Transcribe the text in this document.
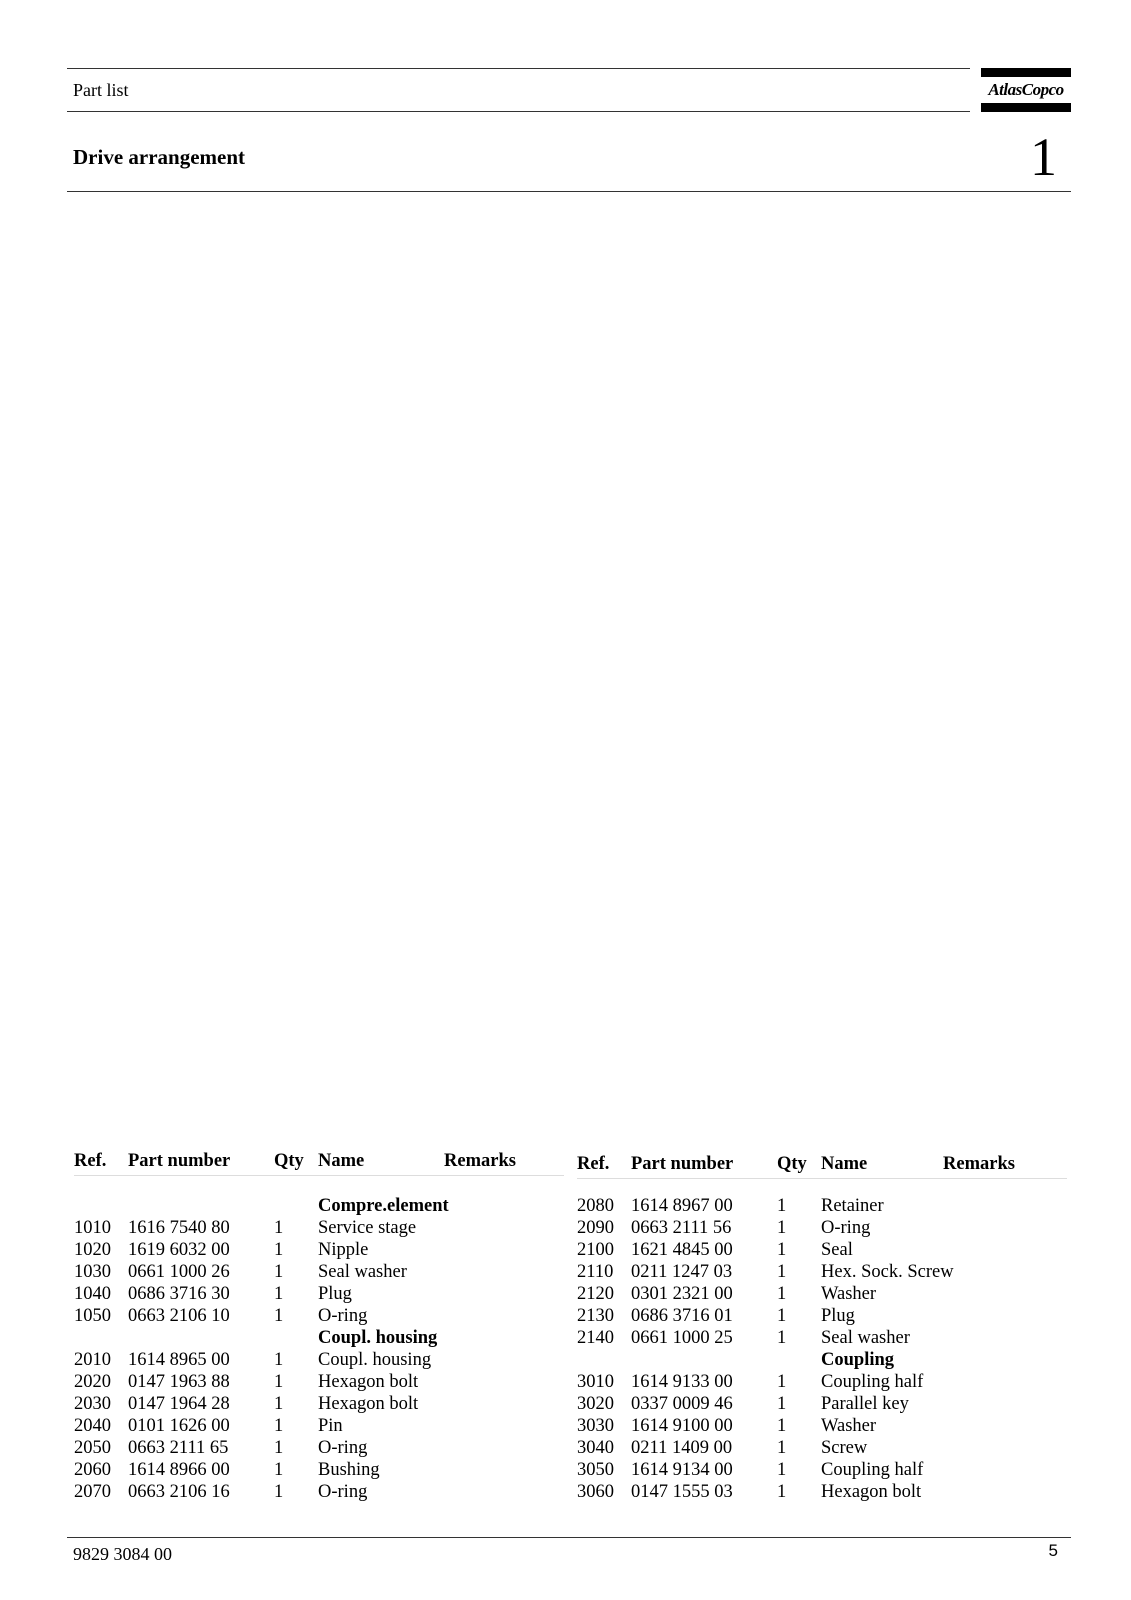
Part list	AtlasCopco
Drive arrangement	1
Ref. Part number Qty Name	Remarks
Compre.element
1010 1616 7540 80 1 Service stage
1020 1619 6032 00 1 Nipple
1030 0661 1000 26 1 Seal washer
1040 0686 3716 30 1 Plug
1050 0663 2106 10 1 O-ring
Coupl. housing
2010 1614 8965 00 1 Coupl. housing
2020 0147 1963 88 1 Hexagon bolt
2030 0147 1964 28 1 Hexagon bolt
2040 0101 1626 00 1 Pin
2050 0663 2111 65 1 O-ring
2060 1614 8966 00 1 Bushing
2070 0663 2106 16 1 O-ring
Ref. Part number Qty Name	Remarks
2080 1614 8967 00 1 Retainer
2090 0663 2111 56 1 O-ring
2100 1621 4845 00 1 Seal
2110 0211 1247 03 1 Hex. Sock. Screw
2120 0301 2321 00 1 Washer
2130 0686 3716 01 1 Plug
2140 0661 1000 25 1 Seal washer
Coupling
3010 1614 9133 00 1 Coupling half
3020 0337 0009 46 1 Parallel key
3030 1614 9100 00 1 Washer
3040 0211 1409 00 1 Screw
3050 1614 9134 00 1 Coupling half
3060 0147 1555 03 1 Hexagon bolt
9829 3084 00	5
